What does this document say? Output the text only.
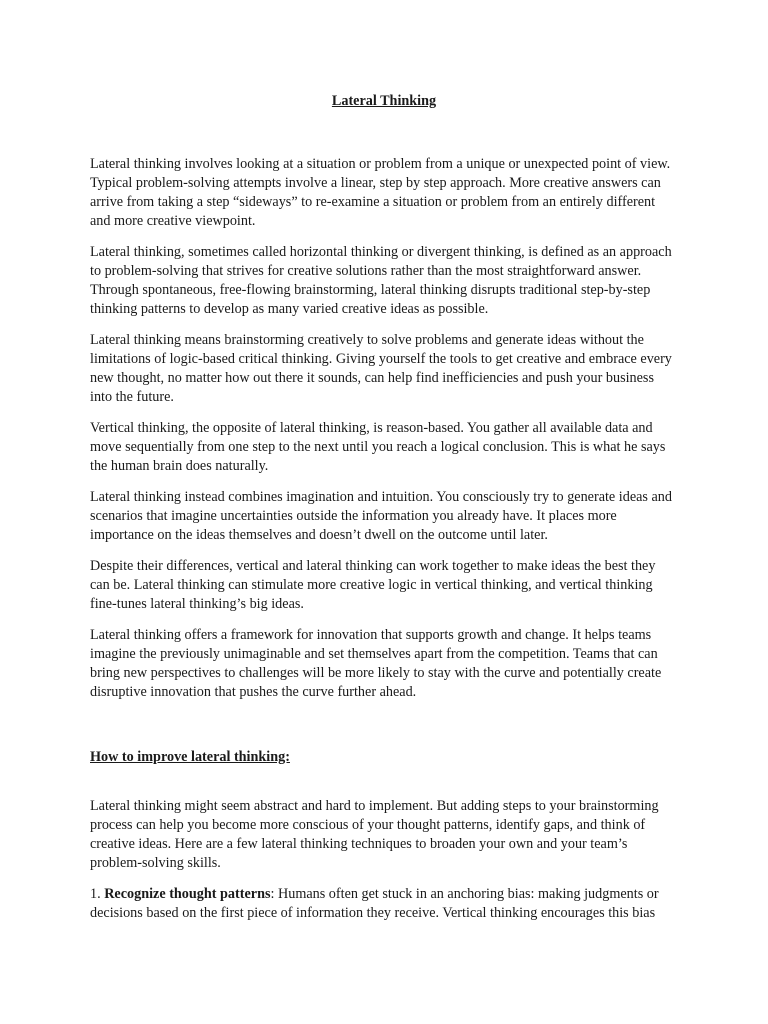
Lateral Thinking

Lateral thinking involves looking at a situation or problem from a unique or unexpected point of view. Typical problem-solving attempts involve a linear, step by step approach. More creative answers can arrive from taking a step “sideways” to re-examine a situation or problem from an entirely different and more creative viewpoint.

Lateral thinking, sometimes called horizontal thinking or divergent thinking, is defined as an approach to problem-solving that strives for creative solutions rather than the most straightforward answer. Through spontaneous, free-flowing brainstorming, lateral thinking disrupts traditional step-by-step thinking patterns to develop as many varied creative ideas as possible.

Lateral thinking means brainstorming creatively to solve problems and generate ideas without the limitations of logic-based critical thinking. Giving yourself the tools to get creative and embrace every new thought, no matter how out there it sounds, can help find inefficiencies and push your business into the future.

Vertical thinking, the opposite of lateral thinking, is reason-based. You gather all available data and move sequentially from one step to the next until you reach a logical conclusion. This is what he says the human brain does naturally.

Lateral thinking instead combines imagination and intuition. You consciously try to generate ideas and scenarios that imagine uncertainties outside the information you already have. It places more importance on the ideas themselves and doesn’t dwell on the outcome until later.

Despite their differences, vertical and lateral thinking can work together to make ideas the best they can be. Lateral thinking can stimulate more creative logic in vertical thinking, and vertical thinking fine-tunes lateral thinking’s big ideas.

Lateral thinking offers a framework for innovation that supports growth and change. It helps teams imagine the previously unimaginable and set themselves apart from the competition. Teams that can bring new perspectives to challenges will be more likely to stay with the curve and potentially create disruptive innovation that pushes the curve further ahead.

How to improve lateral thinking:

Lateral thinking might seem abstract and hard to implement. But adding steps to your brainstorming process can help you become more conscious of your thought patterns, identify gaps, and think of creative ideas. Here are a few lateral thinking techniques to broaden your own and your team’s problem-solving skills.

1. Recognize thought patterns: Humans often get stuck in an anchoring bias: making judgments or decisions based on the first piece of information they receive. Vertical thinking encourages this bias
